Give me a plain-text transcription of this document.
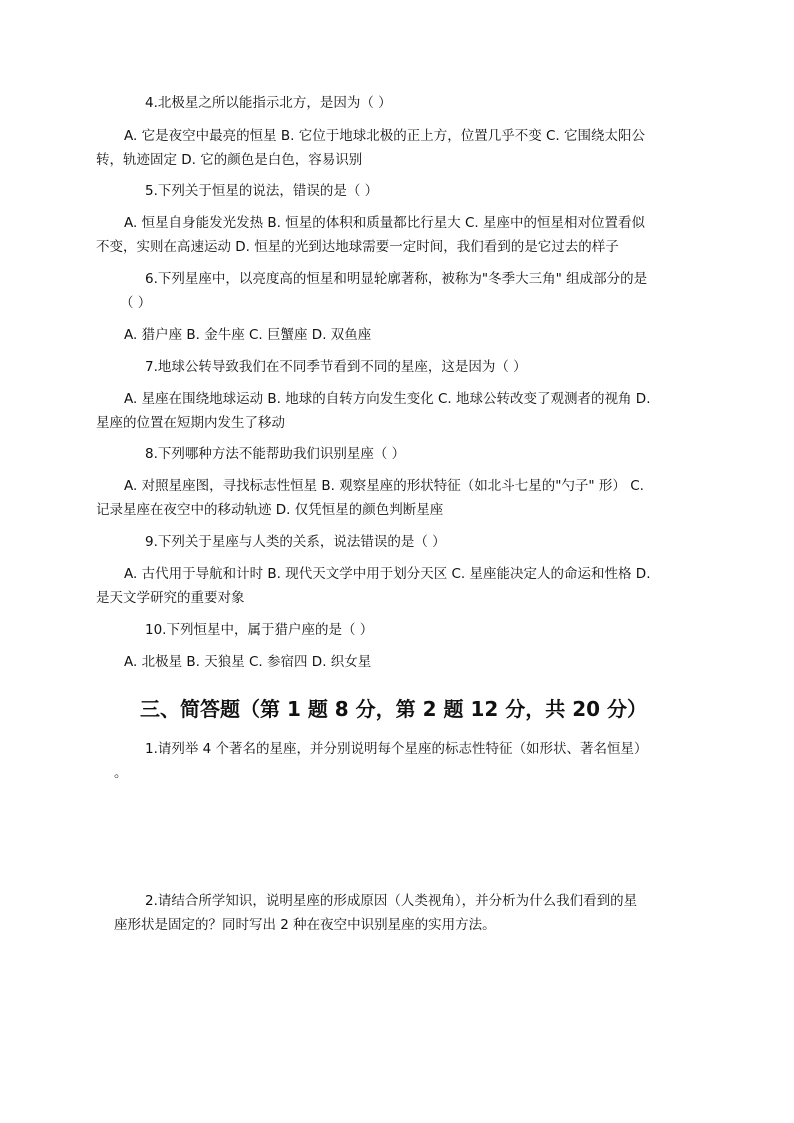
4.北极星之所以能指示北方，是因为（ ）

A. 它是夜空中最亮的恒星 B. 它位于地球北极的正上方，位置几乎不变 C. 它围绕太阳公

转，轨迹固定 D. 它的颜色是白色，容易识别

5.下列关于恒星的说法，错误的是（ ）

A. 恒星自身能发光发热 B. 恒星的体积和质量都比行星大 C. 星座中的恒星相对位置看似

不变，实则在高速运动 D. 恒星的光到达地球需要一定时间，我们看到的是它过去的样子

6.下列星座中，以亮度高的恒星和明显轮廓著称，被称为"冬季大三角" 组成部分的是

（ ）

A. 猎户座 B. 金牛座 C. 巨蟹座 D. 双鱼座

7.地球公转导致我们在不同季节看到不同的星座，这是因为（ ）

A. 星座在围绕地球运动 B. 地球的自转方向发生变化 C. 地球公转改变了观测者的视角 D.

星座的位置在短期内发生了移动

8.下列哪种方法不能帮助我们识别星座（ ）

A. 对照星座图，寻找标志性恒星 B. 观察星座的形状特征（如北斗七星的"勺子" 形） C.

记录星座在夜空中的移动轨迹 D. 仅凭恒星的颜色判断星座

9.下列关于星座与人类的关系，说法错误的是（ ）

A. 古代用于导航和计时 B. 现代天文学中用于划分天区 C. 星座能决定人的命运和性格 D.

是天文学研究的重要对象

10.下列恒星中，属于猎户座的是（ ）

A. 北极星 B. 天狼星 C. 参宿四 D. 织女星

三、简答题（第 1 题 8 分，第 2 题 12 分，共 20 分）

1.请列举 4 个著名的星座，并分别说明每个星座的标志性特征（如形状、著名恒星）

。

2.请结合所学知识，说明星座的形成原因（人类视角），并分析为什么我们看到的星

座形状是固定的？同时写出 2 种在夜空中识别星座的实用方法。
